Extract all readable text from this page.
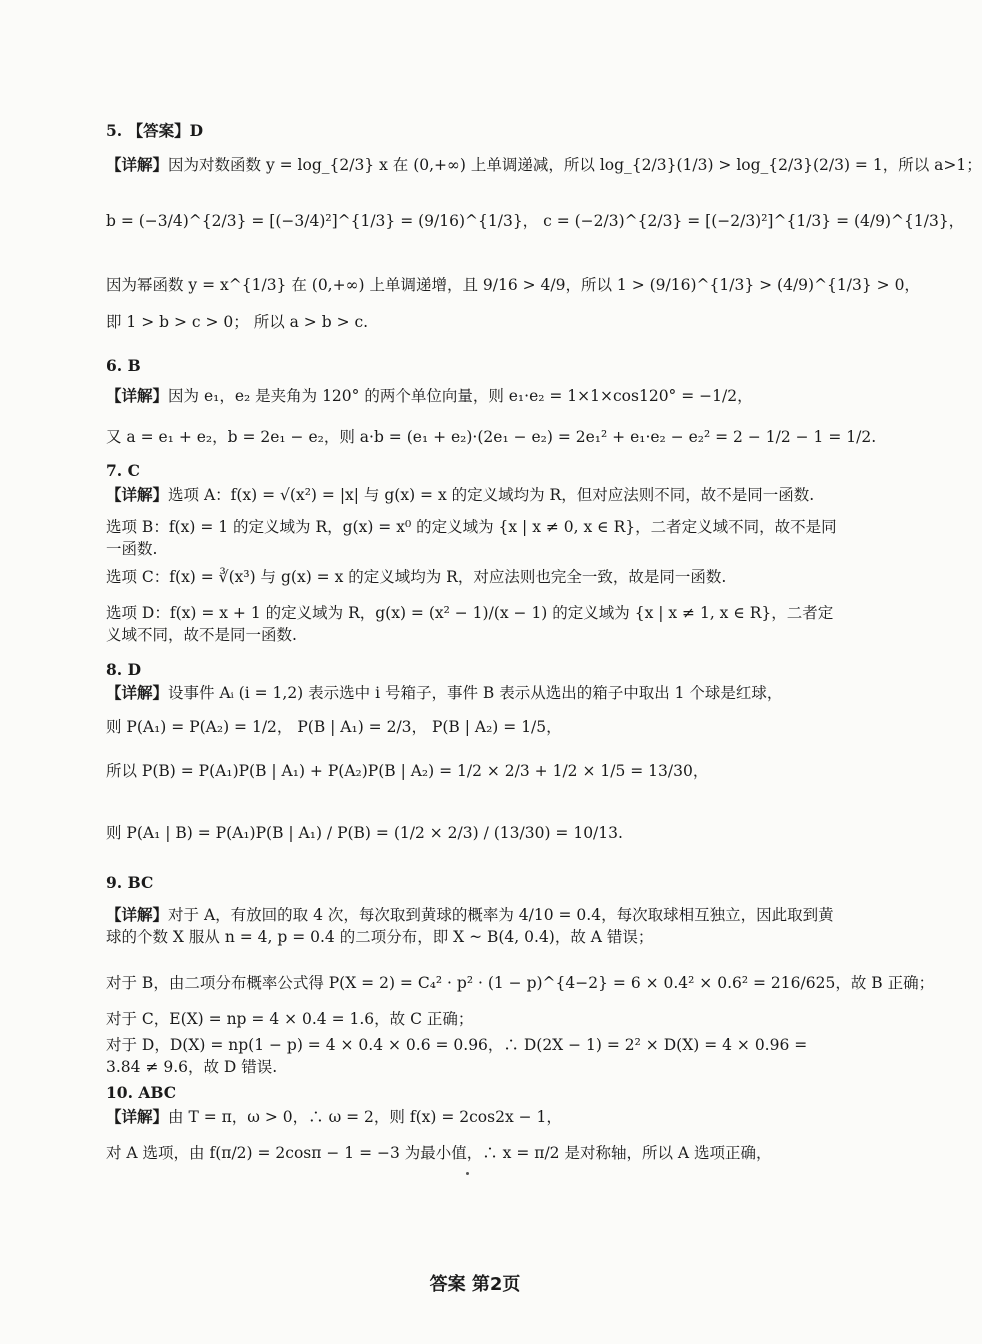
5. 【答案】D
【详解】因为对数函数 y = log_{2/3} x 在 (0,+∞) 上单调递减，所以 log_{2/3}(1/3) > log_{2/3}(2/3) = 1，所以 a>1；
b = (−3/4)^{2/3} = [(−3/4)²]^{1/3} = (9/16)^{1/3}， c = (−2/3)^{2/3} = [(−2/3)²]^{1/3} = (4/9)^{1/3}，
因为幂函数 y = x^{1/3} 在 (0,+∞) 上单调递增，且 9/16 > 4/9，所以 1 > (9/16)^{1/3} > (4/9)^{1/3} > 0，
即 1 > b > c > 0； 所以 a > b > c.
6. B
【详解】因为 e₁，e₂ 是夹角为 120° 的两个单位向量，则 e₁·e₂ = 1×1×cos120° = −1/2，
又 a = e₁ + e₂，b = 2e₁ − e₂，则 a·b = (e₁ + e₂)·(2e₁ − e₂) = 2e₁² + e₁·e₂ − e₂² = 2 − 1/2 − 1 = 1/2.
7. C
【详解】选项 A：f(x) = √(x²) = |x| 与 g(x) = x 的定义域均为 R，但对应法则不同，故不是同一函数.
选项 B：f(x) = 1 的定义域为 R，g(x) = x⁰ 的定义域为 {x | x ≠ 0, x ∈ R}，二者定义域不同，故不是同一函数.
选项 C：f(x) = ∛(x³) 与 g(x) = x 的定义域均为 R，对应法则也完全一致，故是同一函数.
选项 D：f(x) = x + 1 的定义域为 R，g(x) = (x² − 1)/(x − 1) 的定义域为 {x | x ≠ 1, x ∈ R}，二者定义域不同，故不是同一函数.
8. D
【详解】设事件 Aᵢ (i = 1,2) 表示选中 i 号箱子，事件 B 表示从选出的箱子中取出 1 个球是红球，
则 P(A₁) = P(A₂) = 1/2， P(B | A₁) = 2/3， P(B | A₂) = 1/5，
所以 P(B) = P(A₁)P(B | A₁) + P(A₂)P(B | A₂) = 1/2 × 2/3 + 1/2 × 1/5 = 13/30，
则 P(A₁ | B) = P(A₁)P(B | A₁) / P(B) = (1/2 × 2/3) / (13/30) = 10/13.
9. BC
【详解】对于 A，有放回的取 4 次，每次取到黄球的概率为 4/10 = 0.4，每次取球相互独立，因此取到黄球的个数 X 服从 n = 4, p = 0.4 的二项分布，即 X ~ B(4, 0.4)，故 A 错误；
对于 B，由二项分布概率公式得 P(X = 2) = C₄² · p² · (1 − p)^{4−2} = 6 × 0.4² × 0.6² = 216/625，故 B 正确；
对于 C，E(X) = np = 4 × 0.4 = 1.6，故 C 正确；
对于 D，D(X) = np(1 − p) = 4 × 0.4 × 0.6 = 0.96，∴ D(2X − 1) = 2² × D(X) = 4 × 0.96 = 3.84 ≠ 9.6，故 D 错误.
10. ABC
【详解】由 T = π，ω > 0，∴ ω = 2，则 f(x) = 2cos2x − 1，
对 A 选项，由 f(π/2) = 2cosπ − 1 = −3 为最小值，∴ x = π/2 是对称轴，所以 A 选项正确，
答案 第2页
